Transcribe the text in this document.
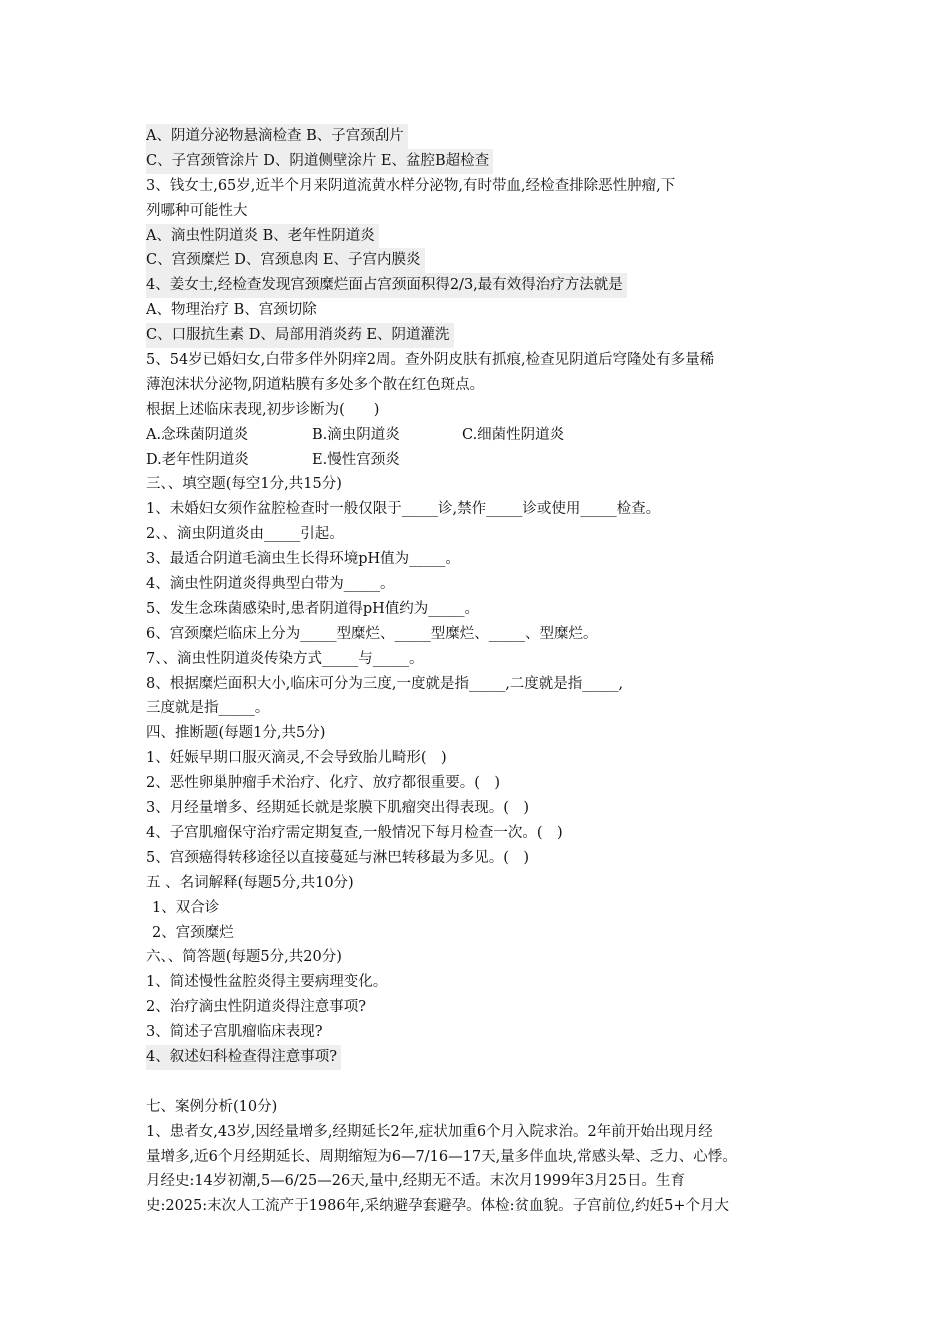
A、阴道分泌物悬滴检查 B、子宫颈刮片
C、子宫颈管涂片 D、阴道侧壁涂片 E、盆腔B超检查
3、钱女士,65岁,近半个月来阴道流黄水样分泌物,有时带血,经检查排除恶性肿瘤,下
列哪种可能性大
A、滴虫性阴道炎 B、老年性阴道炎
C、宫颈糜烂 D、宫颈息肉 E、子宫内膜炎
4、姜女士,经检查发现宫颈糜烂面占宫颈面积得2/3,最有效得治疗方法就是
A、物理治疗 B、宫颈切除
C、口服抗生素 D、局部用消炎药 E、阴道灌洗
5、54岁已婚妇女,白带多伴外阴痒2周。查外阴皮肤有抓痕,检查见阴道后穹隆处有多量稀
薄泡沫状分泌物,阴道粘膜有多处多个散在红色斑点。
根据上述临床表现,初步诊断为(　　)
A.念珠菌阴道炎	B.滴虫阴道炎	C.细菌性阴道炎
D.老年性阴道炎	E.慢性宫颈炎
三、、填空题(每空1分,共15分)
1、未婚妇女须作盆腔检查时一般仅限于_____诊,禁作_____诊或使用_____检查。
2、、滴虫阴道炎由_____引起。
3、最适合阴道毛滴虫生长得环境pH值为_____。
4、滴虫性阴道炎得典型白带为_____。
5、发生念珠菌感染时,患者阴道得pH值约为_____。
6、宫颈糜烂临床上分为_____型糜烂、_____型糜烂、_____、型糜烂。
7、、滴虫性阴道炎传染方式_____与_____。
8、根据糜烂面积大小,临床可分为三度,一度就是指_____,二度就是指_____,
三度就是指_____。
四、推断题(每题1分,共5分)
1、妊娠早期口服灭滴灵,不会导致胎儿畸形(　)
2、恶性卵巢肿瘤手术治疗、化疗、放疗都很重要。(　)
3、月经量增多、经期延长就是浆膜下肌瘤突出得表现。(　)
4、子宫肌瘤保守治疗需定期复查,一般情况下每月检查一次。(　)
5、宫颈癌得转移途径以直接蔓延与淋巴转移最为多见。(　)
五 、名词解释(每题5分,共10分)
1、双合诊
2、宫颈糜烂
六、、简答题(每题5分,共20分)
1、简述慢性盆腔炎得主要病理变化。
2、治疗滴虫性阴道炎得注意事项?
3、简述子宫肌瘤临床表现?
4、叙述妇科检查得注意事项?
七、案例分析(10分)
1、患者女,43岁,因经量增多,经期延长2年,症状加重6个月入院求治。2年前开始出现月经
量增多,近6个月经期延长、周期缩短为6—7/16—17天,量多伴血块,常感头晕、乏力、心悸。
月经史:14岁初潮,5—6/25—26天,量中,经期无不适。末次月1999年3月25日。生育
史:2025:末次人工流产于1986年,采纳避孕套避孕。体检:贫血貌。子宫前位,约妊5+个月大
